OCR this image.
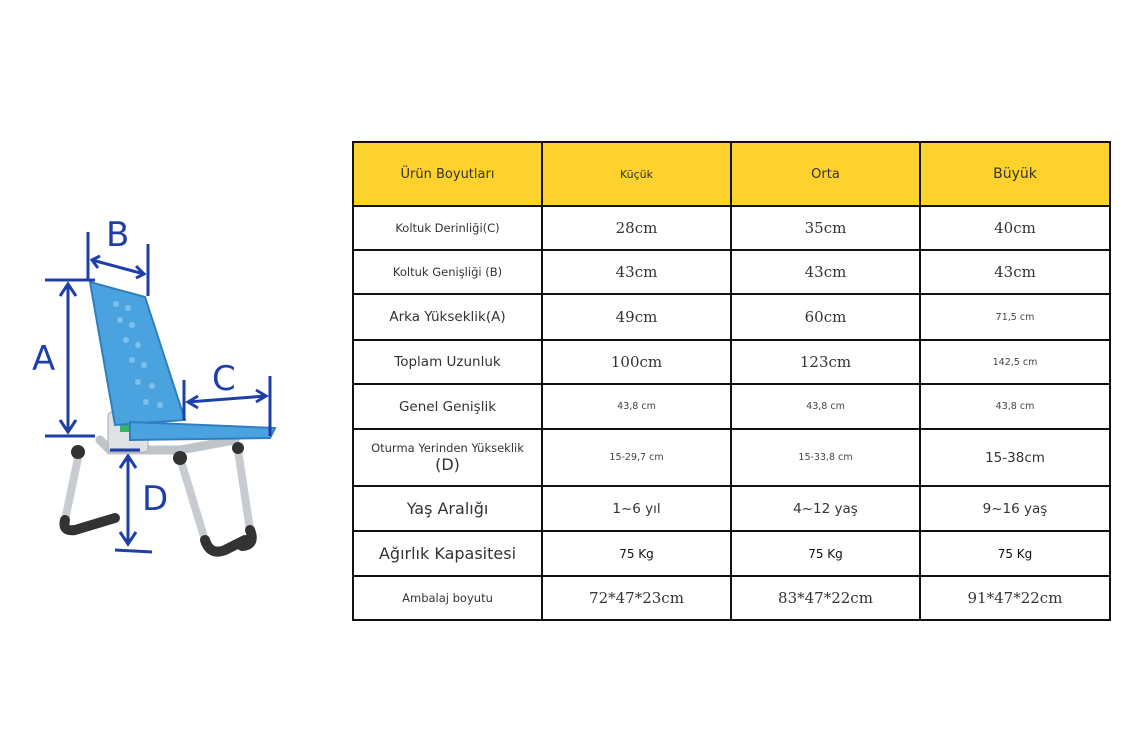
A
B
C
D
Ürün Boyutları	Küçük	Orta	Büyük
Koltuk Derinliği(C)	28cm	35cm	40cm
Koltuk Genişliği (B)	43cm	43cm	43cm
Arka Yükseklik(A)	49cm	60cm	71,5 cm
Toplam Uzunluk	100cm	123cm	142,5 cm
Genel Genişlik	43,8 cm	43,8 cm	43,8 cm
Oturma Yerinden Yükseklik
(D)	15-29,7 cm	15-33,8 cm	15-38cm
Yaş Aralığı	1~6 yıl	4~12 yaş	9~16 yaş
Ağırlık Kapasitesi	75 Kg	75 Kg	75 Kg
Ambalaj boyutu	72*47*23cm	83*47*22cm	91*47*22cm
